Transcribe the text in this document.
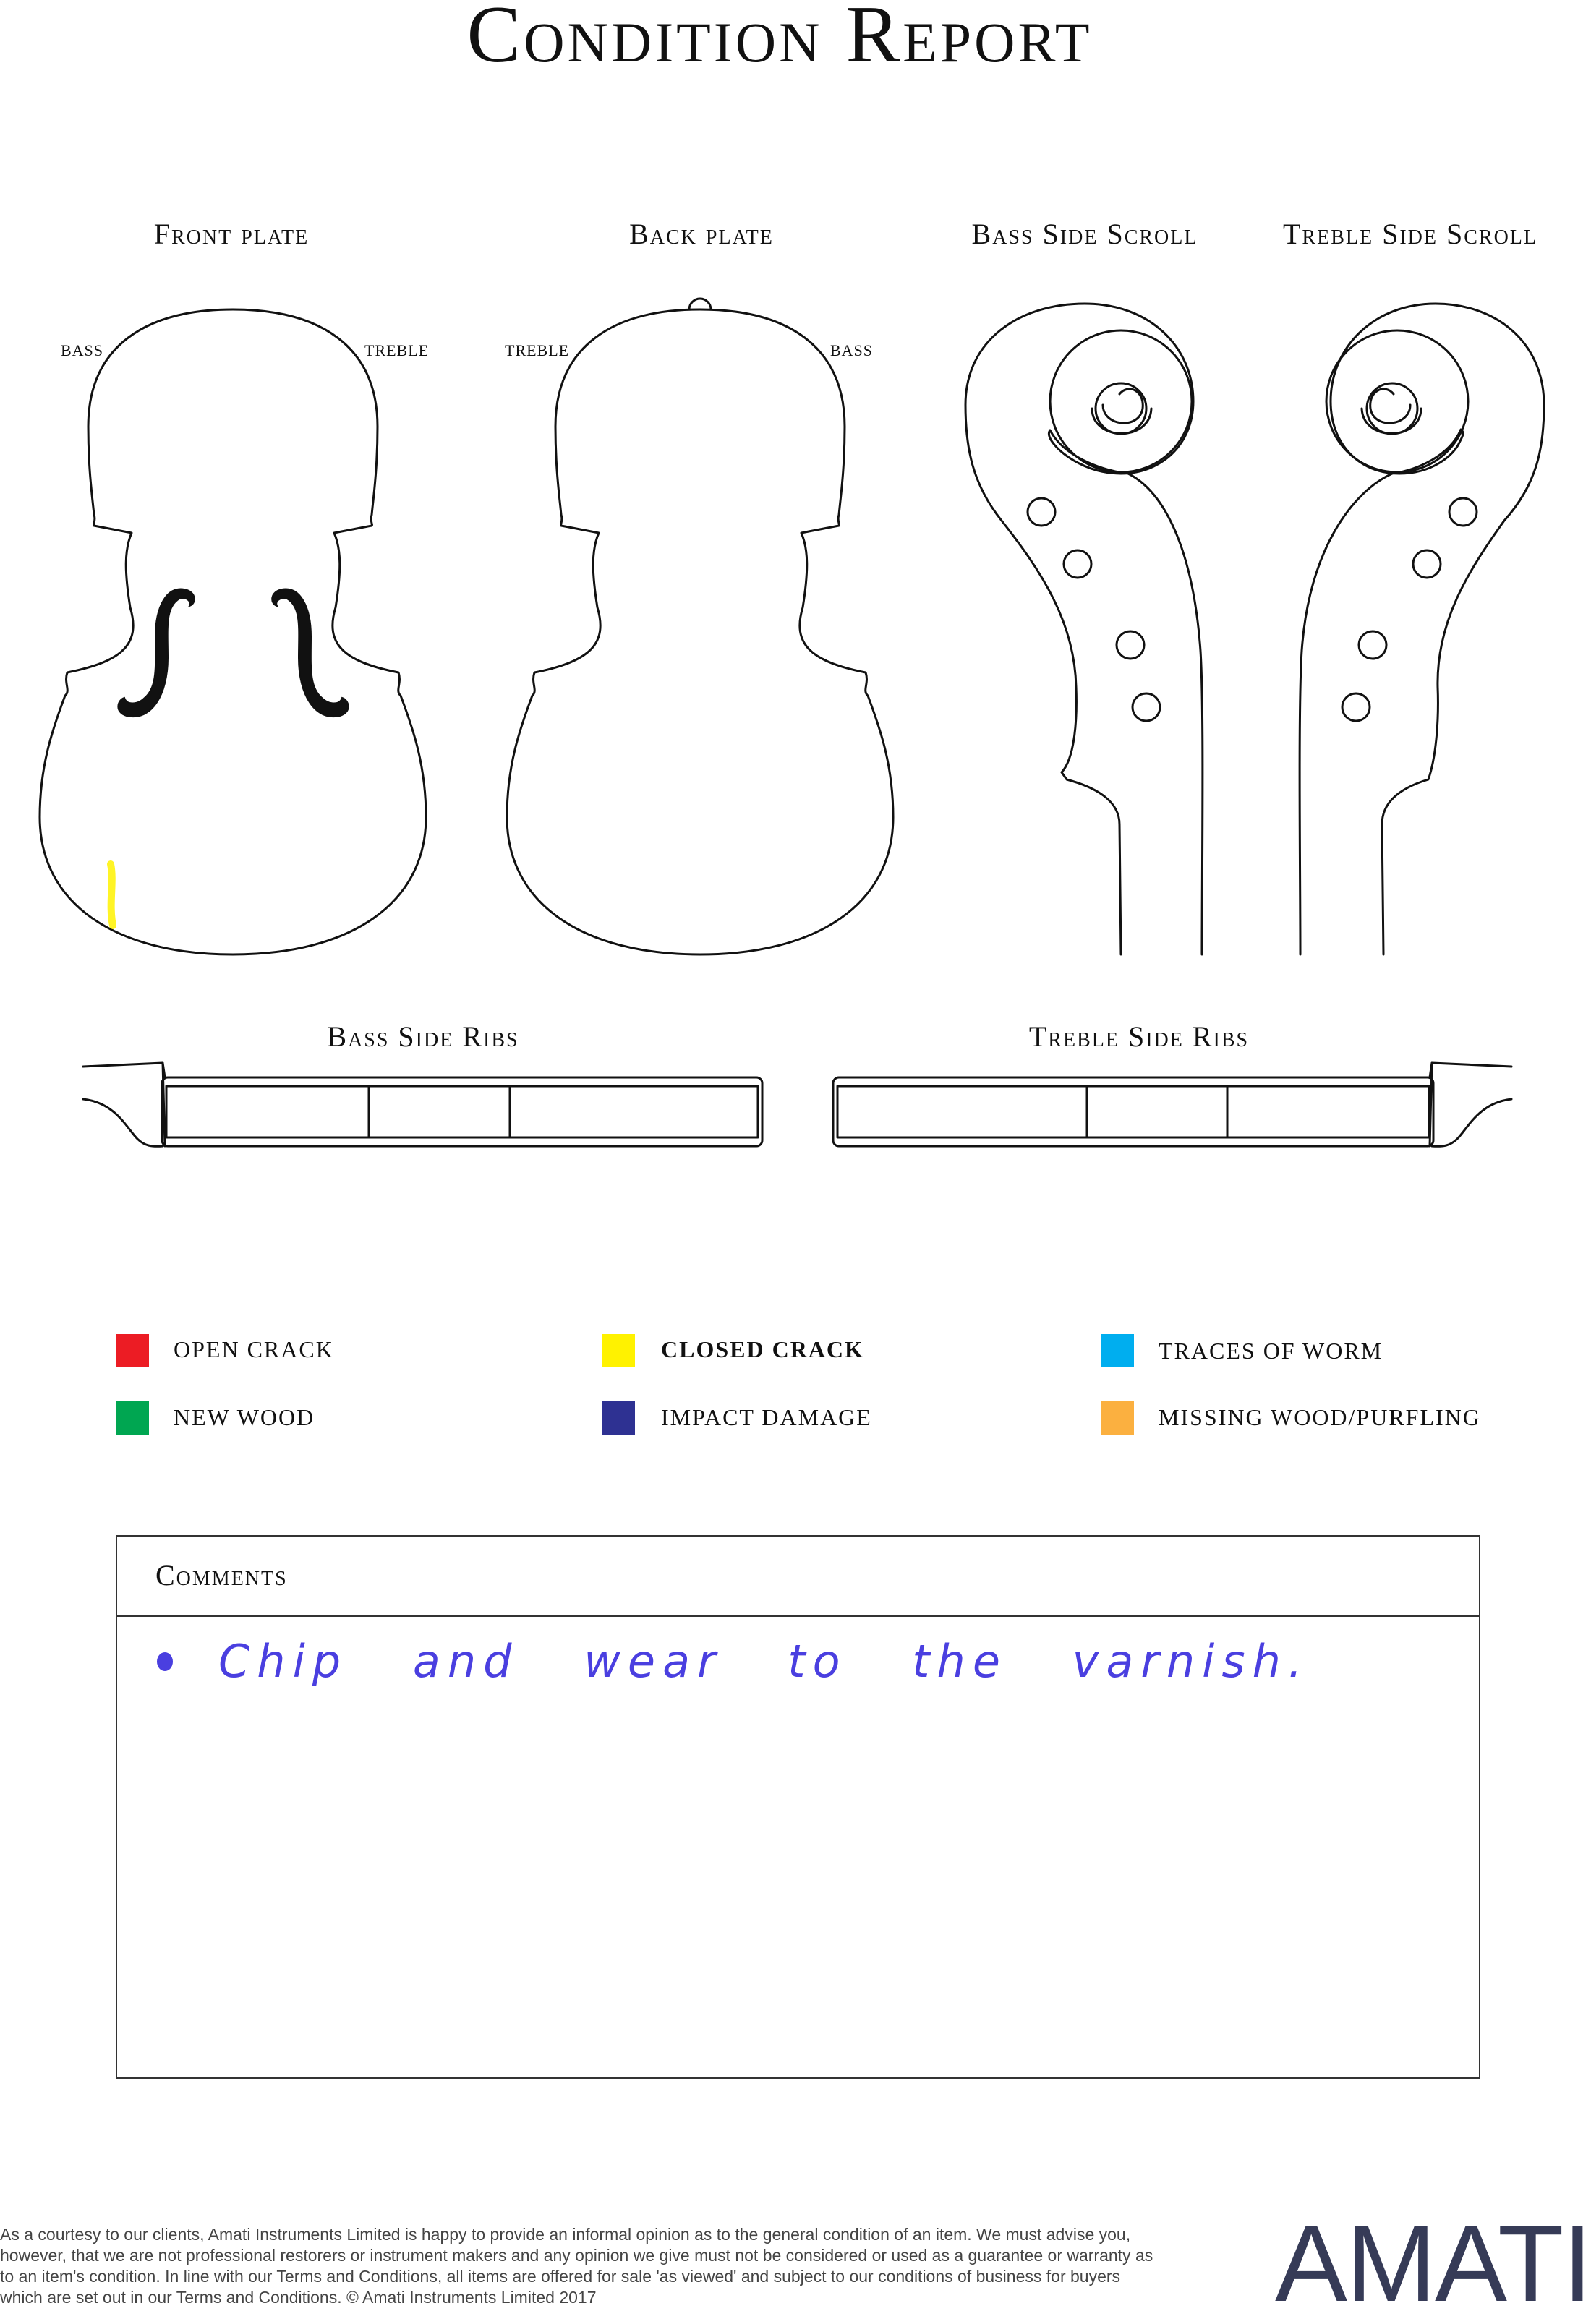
Condition Report
Front plate	Back plate	Bass Side Scroll	Treble Side Scroll
BASS	TREBLE	TREBLE	BASS
Bass Side Ribs	Treble Side Ribs
OPEN CRACK	CLOSED CRACK	TRACES OF WORM
NEW WOOD	IMPACT DAMAGE	MISSING WOOD/PURFLING
Comments
Chip and wear to the varnish.
As a courtesy to our clients, Amati Instruments Limited is happy to provide an informal opinion as to the general condition of an item. We must advise you, however, that we are not professional restorers or instrument makers and any opinion we give must not be considered or used as a guarantee or warranty as to an item's condition. In line with our Terms and Conditions, all items are offered for sale 'as viewed' and subject to our conditions of business for buyers which are set out in our Terms and Conditions. © Amati Instruments Limited 2017	AMATI
